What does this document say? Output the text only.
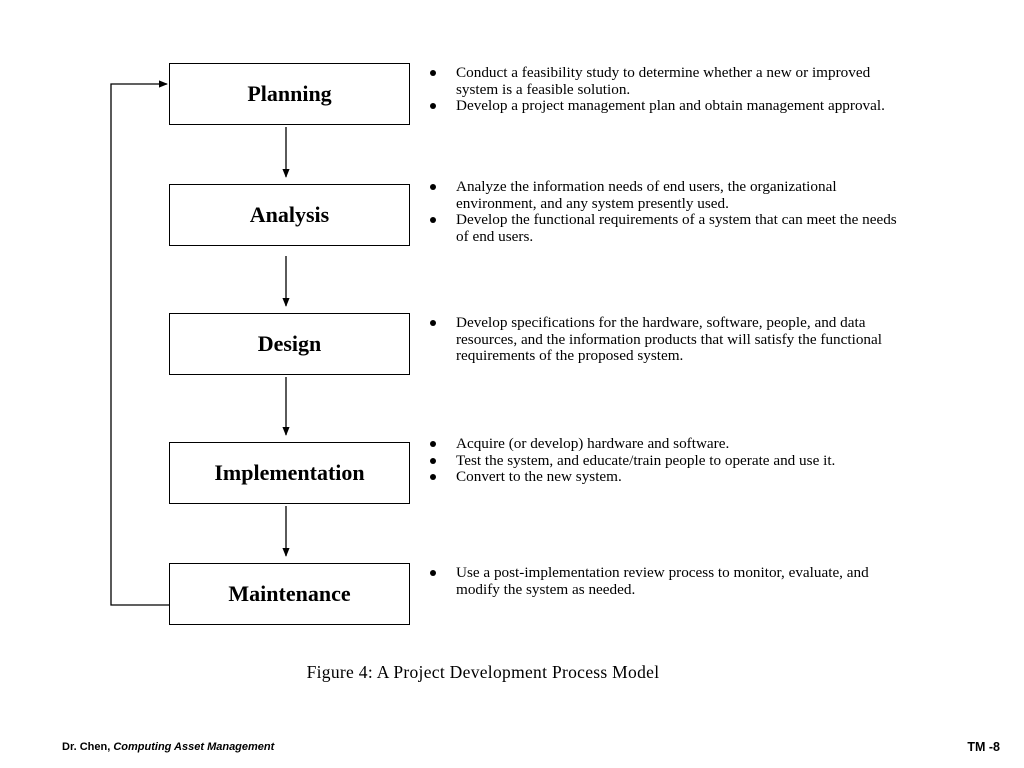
Planning
Analysis
Design
Implementation
Maintenance
Conduct a feasibility study to determine whether a new or improved system is a feasible solution.
Develop a project management plan and obtain management approval.
Analyze the information needs of end users, the organizational environment, and any system presently used.
Develop the functional requirements of a system that can meet the needs of end users.
Develop specifications for the hardware, software, people, and data resources, and the information products that will satisfy the functional requirements of the proposed system.
Acquire (or develop) hardware and software.
Test the system, and educate/train people to operate and use it.
Convert to the new system.
Use a post-implementation review process to monitor, evaluate, and modify the system as needed.
Figure 4: A Project Development Process Model
Dr. Chen, Computing Asset Management	TM -8
